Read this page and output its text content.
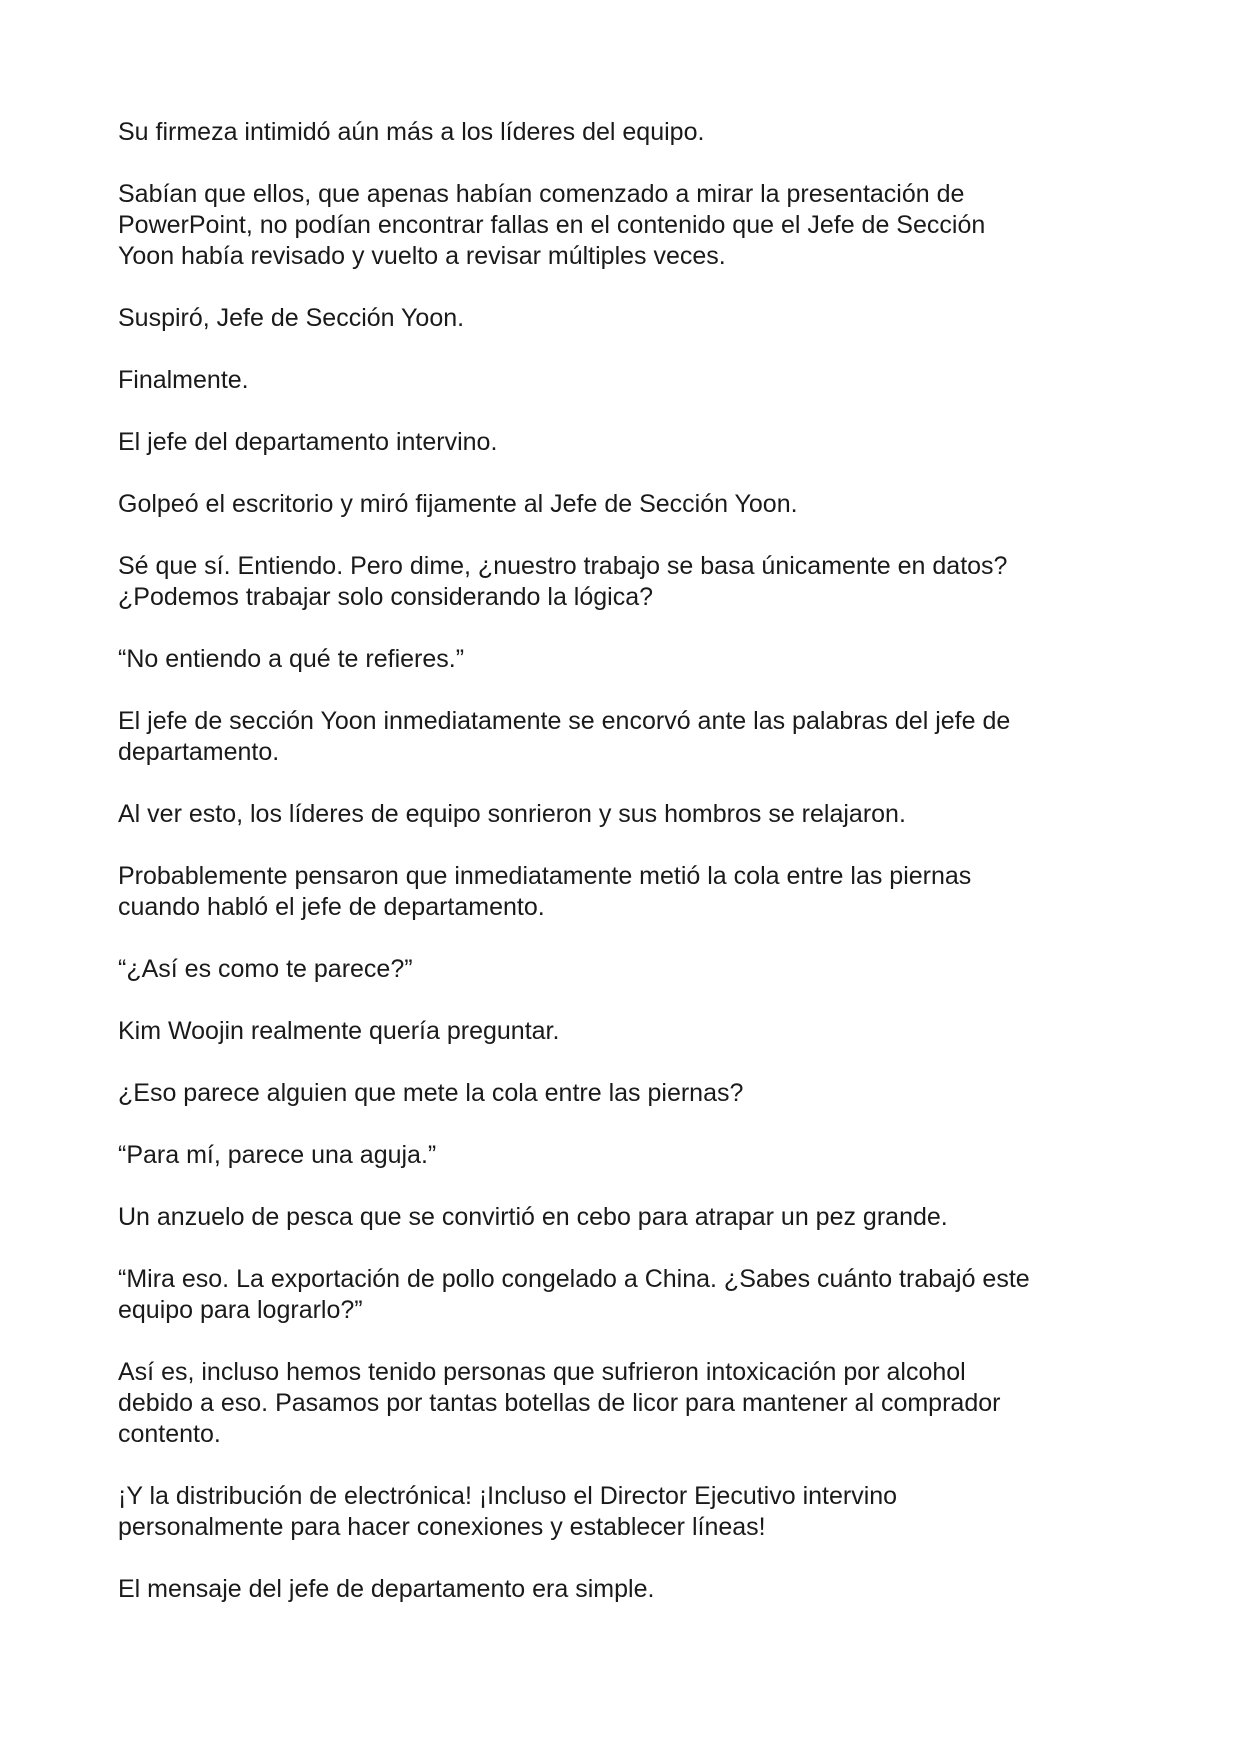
Su firmeza intimidó aún más a los líderes del equipo.

Sabían que ellos, que apenas habían comenzado a mirar la presentación de
PowerPoint, no podían encontrar fallas en el contenido que el Jefe de Sección
Yoon había revisado y vuelto a revisar múltiples veces.

Suspiró, Jefe de Sección Yoon.

Finalmente.

El jefe del departamento intervino.

Golpeó el escritorio y miró fijamente al Jefe de Sección Yoon.

Sé que sí. Entiendo. Pero dime, ¿nuestro trabajo se basa únicamente en datos?
¿Podemos trabajar solo considerando la lógica?

“No entiendo a qué te refieres.”

El jefe de sección Yoon inmediatamente se encorvó ante las palabras del jefe de
departamento.

Al ver esto, los líderes de equipo sonrieron y sus hombros se relajaron.

Probablemente pensaron que inmediatamente metió la cola entre las piernas
cuando habló el jefe de departamento.

“¿Así es como te parece?”

Kim Woojin realmente quería preguntar.

¿Eso parece alguien que mete la cola entre las piernas?

“Para mí, parece una aguja.”

Un anzuelo de pesca que se convirtió en cebo para atrapar un pez grande.

“Mira eso. La exportación de pollo congelado a China. ¿Sabes cuánto trabajó este
equipo para lograrlo?”

Así es, incluso hemos tenido personas que sufrieron intoxicación por alcohol
debido a eso. Pasamos por tantas botellas de licor para mantener al comprador
contento.

¡Y la distribución de electrónica! ¡Incluso el Director Ejecutivo intervino
personalmente para hacer conexiones y establecer líneas!

El mensaje del jefe de departamento era simple.
